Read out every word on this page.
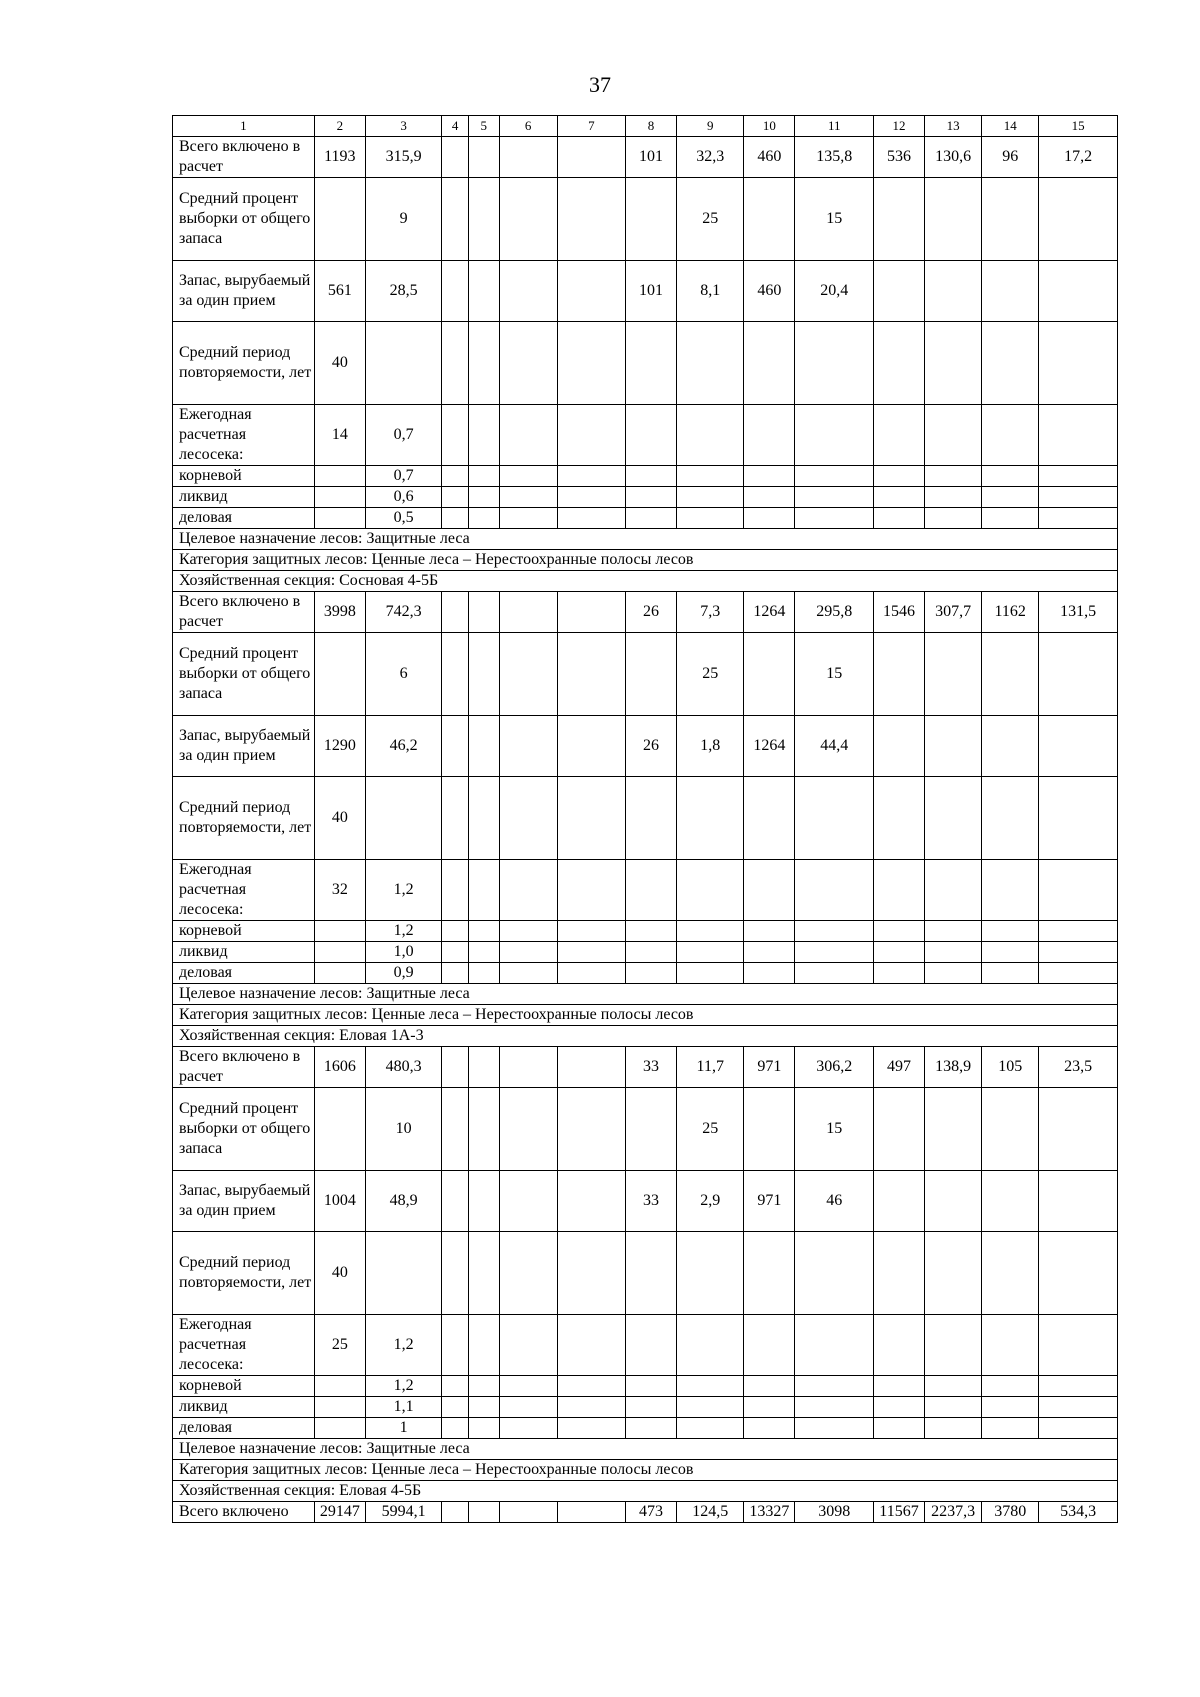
37
1	2	3	4	5	6	7	8	9	10	11	12	13	14	15
Всего включено в расчет	1193	315,9					101	32,3	460	135,8	536	130,6	96	17,2
Средний процент выборки от общего запаса		9						25		15				
Запас, вырубаемый за один прием	561	28,5					101	8,1	460	20,4				
Средний период повторяемости, лет	40													
Ежегодная расчетная лесосека:	14	0,7												
корневой		0,7												
ликвид		0,6												
деловая		0,5												
Целевое назначение лесов: Защитные леса														
Категория защитных лесов: Ценные леса – Нерестоохранные полосы лесов														
Хозяйственная секция: Сосновая 4-5Б														
Всего включено в расчет	3998	742,3					26	7,3	1264	295,8	1546	307,7	1162	131,5
Средний процент выборки от общего запаса		6						25		15				
Запас, вырубаемый за один прием	1290	46,2					26	1,8	1264	44,4				
Средний период повторяемости, лет	40													
Ежегодная расчетная лесосека:	32	1,2												
корневой		1,2												
ликвид		1,0												
деловая		0,9												
Целевое назначение лесов: Защитные леса														
Категория защитных лесов: Ценные леса – Нерестоохранные полосы лесов														
Хозяйственная секция: Еловая 1А-3														
Всего включено в расчет	1606	480,3					33	11,7	971	306,2	497	138,9	105	23,5
Средний процент выборки от общего запаса		10						25		15				
Запас, вырубаемый за один прием	1004	48,9					33	2,9	971	46				
Средний период повторяемости, лет	40													
Ежегодная расчетная лесосека:	25	1,2												
корневой		1,2												
ликвид		1,1												
деловая		1												
Целевое назначение лесов: Защитные леса														
Категория защитных лесов: Ценные леса – Нерестоохранные полосы лесов														
Хозяйственная секция: Еловая 4-5Б														
Всего включено	29147	5994,1					473	124,5	13327	3098	11567	2237,3	3780	534,3
